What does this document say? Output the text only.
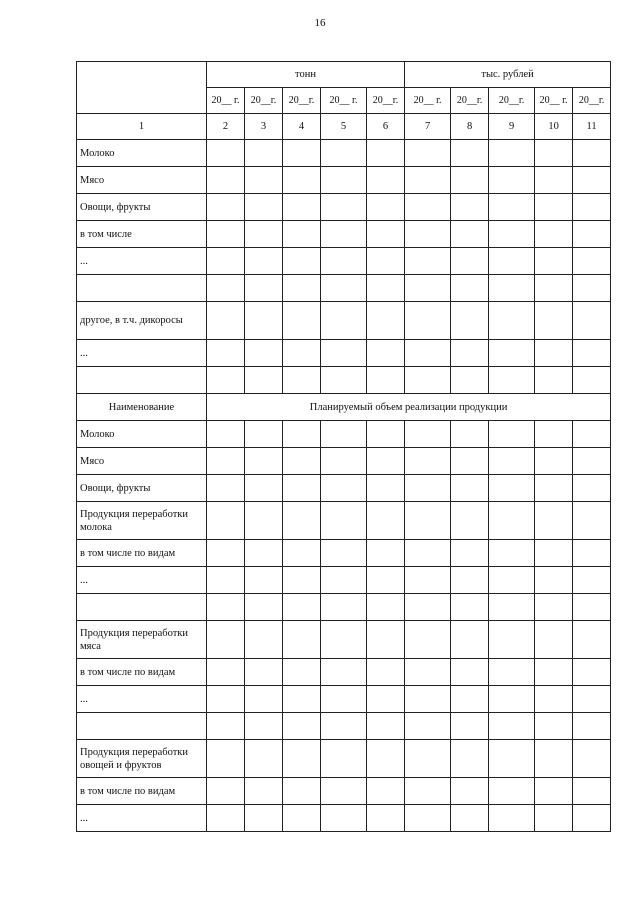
16
	тонн					тыс. рублей				
	20__ г.	20__г.	20__г.	20__ г.	20__г.	20__ г.	20__г.	20__г.	20__ г.	20__г.
1	2	3	4	5	6	7	8	9	10	11
Молоко										
Мясо										
Овощи, фрукты										
в том числе										
...										

другое, в т.ч. дикоросы										
...										

Наименование	Планируемый объем реализации продукции									
Молоко										
Мясо										
Овощи, фрукты										
Продукция переработки молока										
в том числе по видам										
...										

Продукция переработки мяса										
в том числе по видам										
...										

Продукция переработки овощей и фруктов										
в том числе по видам										
...										
